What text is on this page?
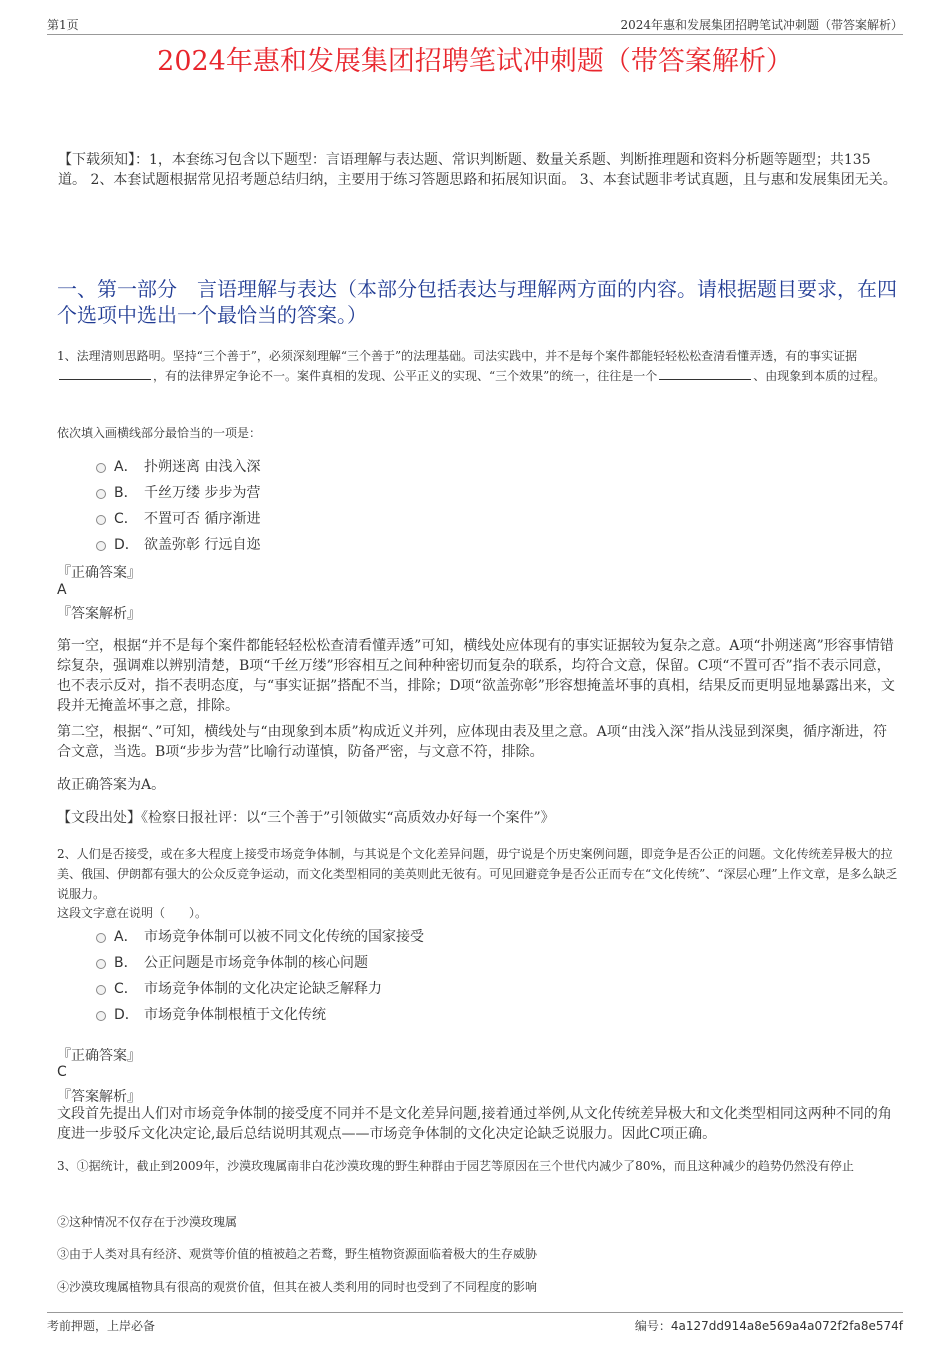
第1页	2024年惠和发展集团招聘笔试冲刺题（带答案解析）
2024年惠和发展集团招聘笔试冲刺题（带答案解析）
【下载须知】：1，本套练习包含以下题型：言语理解与表达题、常识判断题、数量关系题、判断推理题和资料分析题等题型；共135道。 2、本套试题根据常见招考题总结归纳，主要用于练习答题思路和拓展知识面。 3、本套试题非考试真题，且与惠和发展集团无关。
一、第一部分　言语理解与表达（本部分包括表达与理解两方面的内容。请根据题目要求，在四个选项中选出一个最恰当的答案。）
1、法理清则思路明。坚持“三个善于”，必须深刻理解“三个善于”的法理基础。司法实践中，并不是每个案件都能轻轻松松查清看懂弄透，有的事实证据，有的法律界定争论不一。案件真相的发现、公平正义的实现、“三个效果”的统一，往往是一个	、由现象到本质的过程。
依次填入画横线部分最恰当的一项是：
A． 扑朔迷离 由浅入深
B． 千丝万缕 步步为营
C． 不置可否 循序渐进
D． 欲盖弥彰 行远自迩
『正确答案』
A
『答案解析』
第一空，根据“并不是每个案件都能轻轻松松查清看懂弄透”可知，横线处应体现有的事实证据较为复杂之意。A项“扑朔迷离”形容事情错综复杂，强调难以辨别清楚，B项“千丝万缕”形容相互之间种种密切而复杂的联系，均符合文意，保留。C项“不置可否”指不表示同意，也不表示反对，指不表明态度，与“事实证据”搭配不当，排除；D项“欲盖弥彰”形容想掩盖坏事的真相，结果反而更明显地暴露出来，文段并无掩盖坏事之意，排除。
第二空，根据“、”可知，横线处与“由现象到本质”构成近义并列，应体现由表及里之意。A项“由浅入深”指从浅显到深奥，循序渐进，符合文意，当选。B项“步步为营”比喻行动谨慎，防备严密，与文意不符，排除。
故正确答案为A。
【文段出处】《检察日报社评：以“三个善于”引领做实“高质效办好每一个案件”》
2、人们是否接受，或在多大程度上接受市场竞争体制，与其说是个文化差异问题，毋宁说是个历史案例问题，即竞争是否公正的问题。文化传统差异极大的拉美、俄国、伊朗都有强大的公众反竞争运动，而文化类型相同的美英则此无彼有。可见回避竞争是否公正而专在“文化传统”、“深层心理”上作文章，是多么缺乏说服力。
这段文字意在说明（　　）。
A． 市场竞争体制可以被不同文化传统的国家接受
B． 公正问题是市场竞争体制的核心问题
C． 市场竞争体制的文化决定论缺乏解释力
D． 市场竞争体制根植于文化传统
『正确答案』
C
『答案解析』
文段首先提出人们对市场竞争体制的接受度不同并不是文化差异问题,接着通过举例,从文化传统差异极大和文化类型相同这两种不同的角度进一步驳斥文化决定论,最后总结说明其观点——市场竞争体制的文化决定论缺乏说服力。因此C项正确。
3、①据统计，截止到2009年，沙漠玫瑰属南非白花沙漠玫瑰的野生种群由于园艺等原因在三个世代内减少了80%，而且这种减少的趋势仍然没有停止
②这种情况不仅存在于沙漠玫瑰属
③由于人类对具有经济、观赏等价值的植被趋之若鹜，野生植物资源面临着极大的生存威胁
④沙漠玫瑰属植物具有很高的观赏价值，但其在被人类利用的同时也受到了不同程度的影响
考前押题，上岸必备	编号：4a127dd914a8e569a4a072f2fa8e574f
